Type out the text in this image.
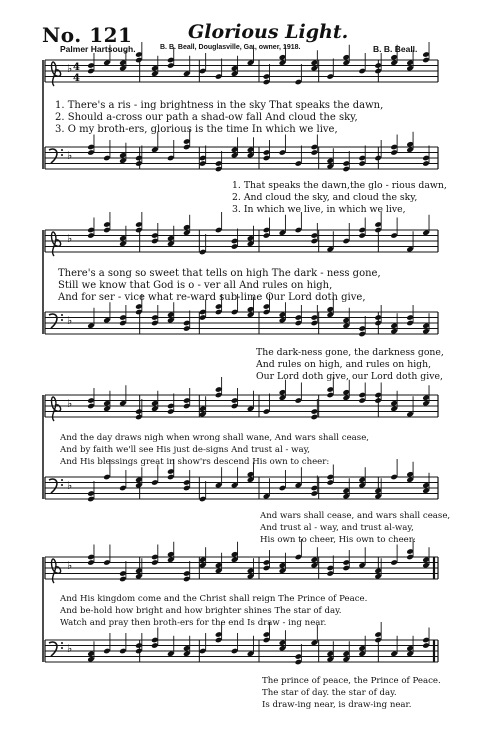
No. 121	Glorious Light.
Palmer Hartsough.	B. B. Beall, Douglasville, Ga., owner, 1918.	B. B. Beall.
♭
♭
4
4
♭
♭
♭
♭
♭
♭
1. There's a ris - ing brightness in the sky That speaks the dawn,
2. Should a-cross our path a shad-ow fall And cloud the sky,
3. O my broth-ers, glorious is the time In which we live,
1. That speaks the dawn,the glo - rious dawn,
2. And cloud the sky, and cloud the sky,
3. In which we live, in which we live,
There's a song so sweet that tells on high The dark - ness gone,
Still we know that God is o - ver all And rules on high,
And for ser - vice what re-ward sub-lime Our Lord doth give,
The dark-ness gone, the darkness gone,
And rules on high, and rules on high,
Our Lord doth give, our Lord doth give,
And the day draws nigh when wrong shall wane, And wars shall cease,
And by faith we'll see His just de-signs And trust al - way,
And His blessings great in show'rs descend His own to cheer:
And wars shall cease, and wars shall cease,
And trust al - way, and trust al-way,
His own to cheer, His own to cheer:
And His kingdom come and the Christ shall reign The Prince of Peace.
And be-hold how bright and how brighter shines The star of day.
Watch and pray then broth-ers for the end Is draw - ing near.
The prince of peace, the Prince of Peace.
The star of day. the star of day.
Is draw-ing near, is draw-ing near.
